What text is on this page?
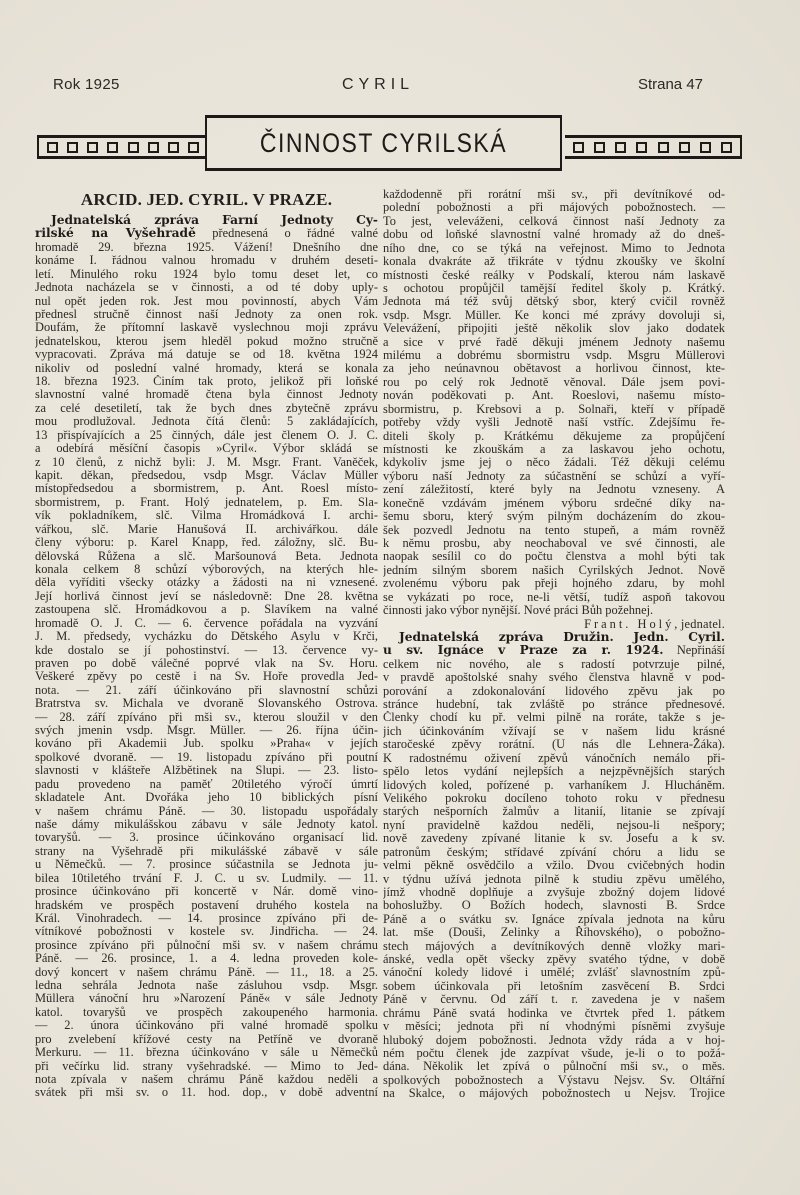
Rok 1925	CYRIL	Strana 47
ČINNOST CYRILSKÁ
ARCID. JED. CYRIL. V PRAZE.
Jednatelská zpráva Farní Jednoty Cy-
rilské na Vyšehradě přednesená o řádné valné
hromadě 29. března 1925. Vážení! Dnešního dne
konáme I. řádnou valnou hromadu v druhém deseti-
letí. Minulého roku 1924 bylo tomu deset let, co
Jednota nacházela se v činnosti, a od té doby uply-
nul opět jeden rok. Jest mou povinností, abych Vám
přednesl stručně činnost naší Jednoty za onen rok.
Doufám, že přítomní laskavě vyslechnou moji zprávu
jednatelskou, kterou jsem hleděl pokud možno stručně
vypracovati. Zpráva má datuje se od 18. května 1924
nikoliv od poslední valné hromady, která se konala
18. března 1923. Činím tak proto, jelikož při loňské
slavnostní valné hromadě čtena byla činnost Jednoty
za celé desetiletí, tak že bych dnes zbytečně zprávu
mou prodlužoval. Jednota čítá členů: 5 zakládajících,
13 přispívajících a 25 činných, dále jest členem O. J. C.
a odebírá měsíční časopis »Cyril«. Výbor skládá se
z 10 členů, z nichž byli: J. M. Msgr. Frant. Vaněček,
kapit. děkan, předsedou, vsdp Msgr. Václav Müller
místopředsedou a sbormistrem, p. Ant. Roesl místo-
sbormistrem, p. Frant. Holý jednatelem, p. Em. Sla-
vík pokladníkem, slč. Vilma Hromádková I. archi-
vářkou, slč. Marie Hanušová II. archivářkou. dále
členy výboru: p. Karel Knapp, řed. záložny, slč. Bu-
dělovská Růžena a slč. Maršounová Beta. Jednota
konala celkem 8 schůzí výborových, na kterých hle-
děla vyříditi všecky otázky a žádosti na ni vznesené.
Její horlivá činnost jeví se následovně: Dne 28. května
zastoupena slč. Hromádkovou a p. Slavíkem na valné
hromadě O. J. C. — 6. července pořádala na vyzvání
J. M. předsedy, vycházku do Dětského Asylu v Krči,
kde dostalo se jí pohostinství. — 13. července vy-
praven po době válečné poprvé vlak na Sv. Horu.
Veškeré zpěvy po cestě i na Sv. Hoře provedla Jed-
nota. — 21. září účinkováno při slavnostní schůzi
Bratrstva sv. Michala ve dvoraně Slovanského Ostrova.
— 28. září zpíváno při mši sv., kterou sloužil v den
svých jmenin vsdp. Msgr. Müller. — 26. října účin-
kováno při Akademii Jub. spolku »Praha« v jejích
spolkové dvoraně. — 19. listopadu zpíváno při poutní
slavnosti v klášteře Alžbětinek na Slupi. — 23. listo-
padu provedeno na paměť 20tiletého výročí úmrtí
skladatele Ant. Dvořáka jeho 10 biblických písní
v našem chrámu Páně. — 30. listopadu uspořádaly
naše dámy mikulášskou zábavu v sále Jednoty katol.
tovaryšů. — 3. prosince účinkováno organisací lid.
strany na Vyšehradě při mikulášské zábavě v sále
u Němečků. — 7. prosince súčastnila se Jednota ju-
bilea 10tiletého trvání F. J. C. u sv. Ludmily. — 11.
prosince účinkováno při koncertě v Nár. domě vino-
hradském ve prospěch postavení druhého kostela na
Král. Vinohradech. — 14. prosince zpíváno při de-
vítníkové pobožnosti v kostele sv. Jindřicha. — 24.
prosince zpíváno při půlnoční mši sv. v našem chrámu
Páně. — 26. prosince, 1. a 4. ledna proveden kole-
dový koncert v našem chrámu Páně. — 11., 18. a 25.
ledna sehrála Jednota naše zásluhou vsdp. Msgr.
Müllera vánoční hru »Narození Páně« v sále Jednoty
katol. tovaryšů ve prospěch zakoupeného harmonia.
— 2. února účinkováno při valné hromadě spolku
pro zvelebení křížové cesty na Petříně ve dvoraně
Merkuru. — 11. března účinkováno v sále u Němečků
při večírku lid. strany vyšehradské. — Mimo to Jed-
nota zpívala v našem chrámu Páně každou neděli a
svátek při mši sv. o 11. hod. dop., v době adventní
každodenně při rorátní mši sv., při devítníkové od-
polední pobožnosti a při májových pobožnostech. —
To jest, veleváženi, celková činnost naší Jednoty za
dobu od loňské slavnostní valné hromady až do dneš-
ního dne, co se týká na veřejnost. Mimo to Jednota
konala dvakráte až třikráte v týdnu zkoušky ve školní
místnosti české reálky v Podskalí, kterou nám laskavě
s ochotou propůjčil tamější ředitel školy p. Krátký.
Jednota má též svůj dětský sbor, který cvičil rovněž
vsdp. Msgr. Müller. Ke konci mé zprávy dovoluji si,
Velevážení, připojiti ještě několik slov jako dodatek
a sice v prvé řadě děkuji jménem Jednoty našemu
milému a dobrému sbormistru vsdp. Msgru Müllerovi
za jeho neúnavnou obětavost a horlivou činnost, kte-
rou po celý rok Jednotě věnoval. Dále jsem povi-
nován poděkovati p. Ant. Roeslovi, našemu místo-
sbormistru, p. Krebsovi a p. Solnaři, kteří v případě
potřeby vždy vyšli Jednotě naší vstříc. Zdejšímu ře-
diteli školy p. Krátkému děkujeme za propůjčení
místnosti ke zkouškám a za laskavou jeho ochotu,
kdykoliv jsme jej o něco žádali. Též děkuji celému
výboru naší Jednoty za súčastnění se schůzí a vyří-
zení záležitostí, které byly na Jednotu vzneseny. A
konečně vzdávám jménem výboru srdečné díky na-
šemu sboru, který svým pilným docházením do zkou-
šek pozvedl Jednotu na tento stupeň, a mám rovněž
k němu prosbu, aby neochaboval ve své činnosti, ale
naopak sesílil co do počtu členstva a mohl býti tak
jedním silným sborem našich Cyrilských Jednot. Nově
zvolenému výboru pak přeji hojného zdaru, by mohl
se vykázati po roce, ne-li větší, tudíž aspoň takovou
činnosti jako výbor nynější. Nové práci Bůh požehnej.
Frant. Holý, jednatel.
Jednatelská zpráva Družin. Jedn. Cyril.
u sv. Ignáce v Praze za r. 1924. Nepřináší
celkem nic nového, ale s radostí potvrzuje pilné,
v pravdě apoštolské snahy svého členstva hlavně v pod-
porování a zdokonalování lidového zpěvu jak po
stránce hudební, tak zvláště po stránce přednesové.
Členky chodí ku př. velmi pilně na roráte, takže s je-
jich účinkováním vžívají se v našem lidu krásné
staročeské zpěvy rorátní. (U nás dle Lehnera-Žáka).
K radostnému oživení zpěvů vánočních nemálo při-
spělo letos vydání nejlepších a nejzpěvnějších starých
lidových koled, pořízené p. varhaníkem J. Hlucháněm.
Velikého pokroku docíleno tohoto roku v přednesu
starých nešporních žalmův a litanií, litanie se zpívají
nyní pravidelně každou neděli, nejsou-li nešpory;
nově zavedeny zpívané litanie k sv. Josefu a k sv.
patronům českým; střídavé zpívání chóru a lidu se
velmi pěkně osvědčilo a vžilo. Dvou cvičebných hodin
v týdnu užívá jednota pilně k studiu zpěvu umělého,
jímž vhodně doplňuje a zvyšuje zbožný dojem lidové
bohoslužby. O Božích hodech, slavnosti B. Srdce
Páně a o svátku sv. Ignáce zpívala jednota na kůru
lat. mše (Douši, Zelinky a Říhovského), o pobožno-
stech májových a devítníkových denně vložky mari-
ánské, vedla opět všecky zpěvy svatého týdne, v době
vánoční koledy lidové i umělé; zvlášť slavnostním způ-
sobem účinkovala při letošním zasvěcení B. Srdci
Páně v červnu. Od září t. r. zavedena je v našem
chrámu Páně svatá hodinka ve čtvrtek před 1. pátkem
v měsíci; jednota při ní vhodnými písněmi zvyšuje
hluboký dojem pobožnosti. Jednota vždy ráda a v hoj-
ném počtu členek jde zazpívat všude, je-li o to požá-
dána. Několik let zpívá o půlnoční mši sv., o měs.
spolkových pobožnostech a Výstavu Nejsv. Sv. Oltářní
na Skalce, o májových pobožnostech u Nejsv. Trojice
